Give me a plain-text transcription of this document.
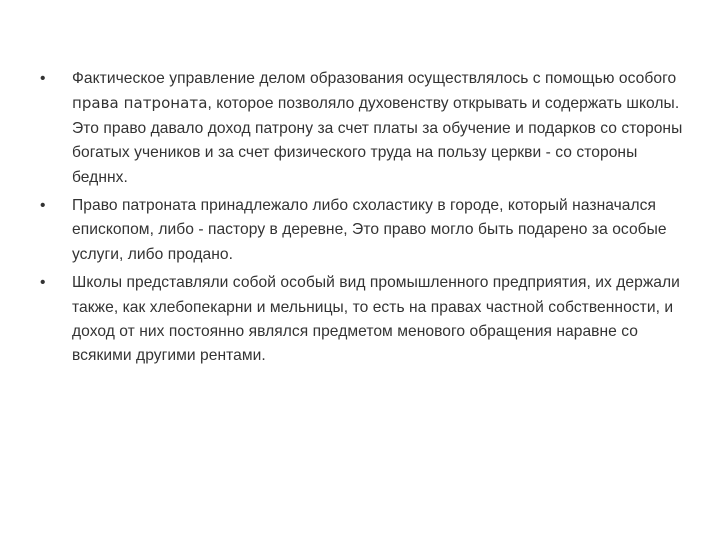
•	Фактическое управление делом образования осуществлялось с помощью особого права патроната, которое позволяло духовенству открывать и содержать школы. Это право давало доход патрону за счет платы за обучение и подарков со стороны богатых учеников и за счет физического труда на пользу церкви - со стороны бедннх.
•	Право патроната принадлежало либо схоластику в городе, который назначался епископом, либо - пастору в деревне, Это право могло быть подарено за особые услуги, либо продано.
•	Школы представляли собой особый вид промышленного предприятия, их держали также, как хлебопекарни и мельницы, то есть на правах частной собственности, и доход от них постоянно являлся предметом менового обращения наравне со всякими другими рентами.
